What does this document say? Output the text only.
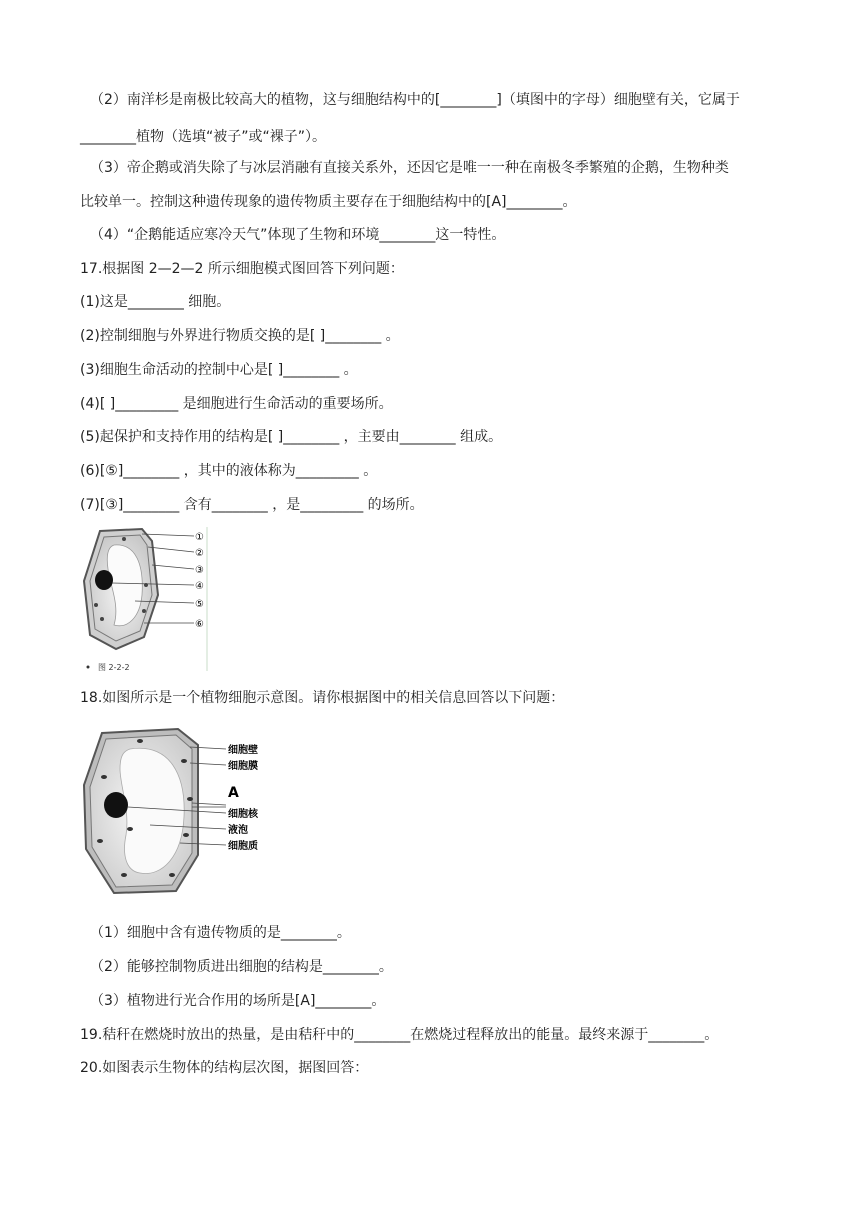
（2）南洋杉是南极比较高大的植物，这与细胞结构中的[________]（填图中的字母）细胞壁有关，它属于
________植物（选填“被子”或“裸子”）。
（3）帝企鹅或消失除了与冰层消融有直接关系外，还因它是唯一一种在南极冬季繁殖的企鹅，生物种类
比较单一。控制这种遗传现象的遗传物质主要存在于细胞结构中的[A]________。
（4）“企鹅能适应寒冷天气”体现了生物和环境________这一特性。
17.根据图 2—2—2 所示细胞模式图回答下列问题：
(1)这是________ 细胞。
(2)控制细胞与外界进行物质交换的是[ ]________ 。
(3)细胞生命活动的控制中心是[ ]________ 。
(4)[ ]_________ 是细胞进行生命活动的重要场所。
(5)起保护和支持作用的结构是[ ]________ ，主要由________ 组成。
(6)[⑤]________ ，其中的液体称为_________ 。
(7)[③]________ 含有________ ，是_________ 的场所。
①
②
③
④
⑤
⑥
图 2-2-2
18.如图所示是一个植物细胞示意图。请你根据图中的相关信息回答以下问题：
细胞壁
细胞膜
A
细胞核
液泡
细胞质
（1）细胞中含有遗传物质的是________。
（2）能够控制物质进出细胞的结构是________。
（3）植物进行光合作用的场所是[A]________。
19.秸秆在燃烧时放出的热量，是由秸秆中的________在燃烧过程释放出的能量。最终来源于________。
20.如图表示生物体的结构层次图，据图回答：
